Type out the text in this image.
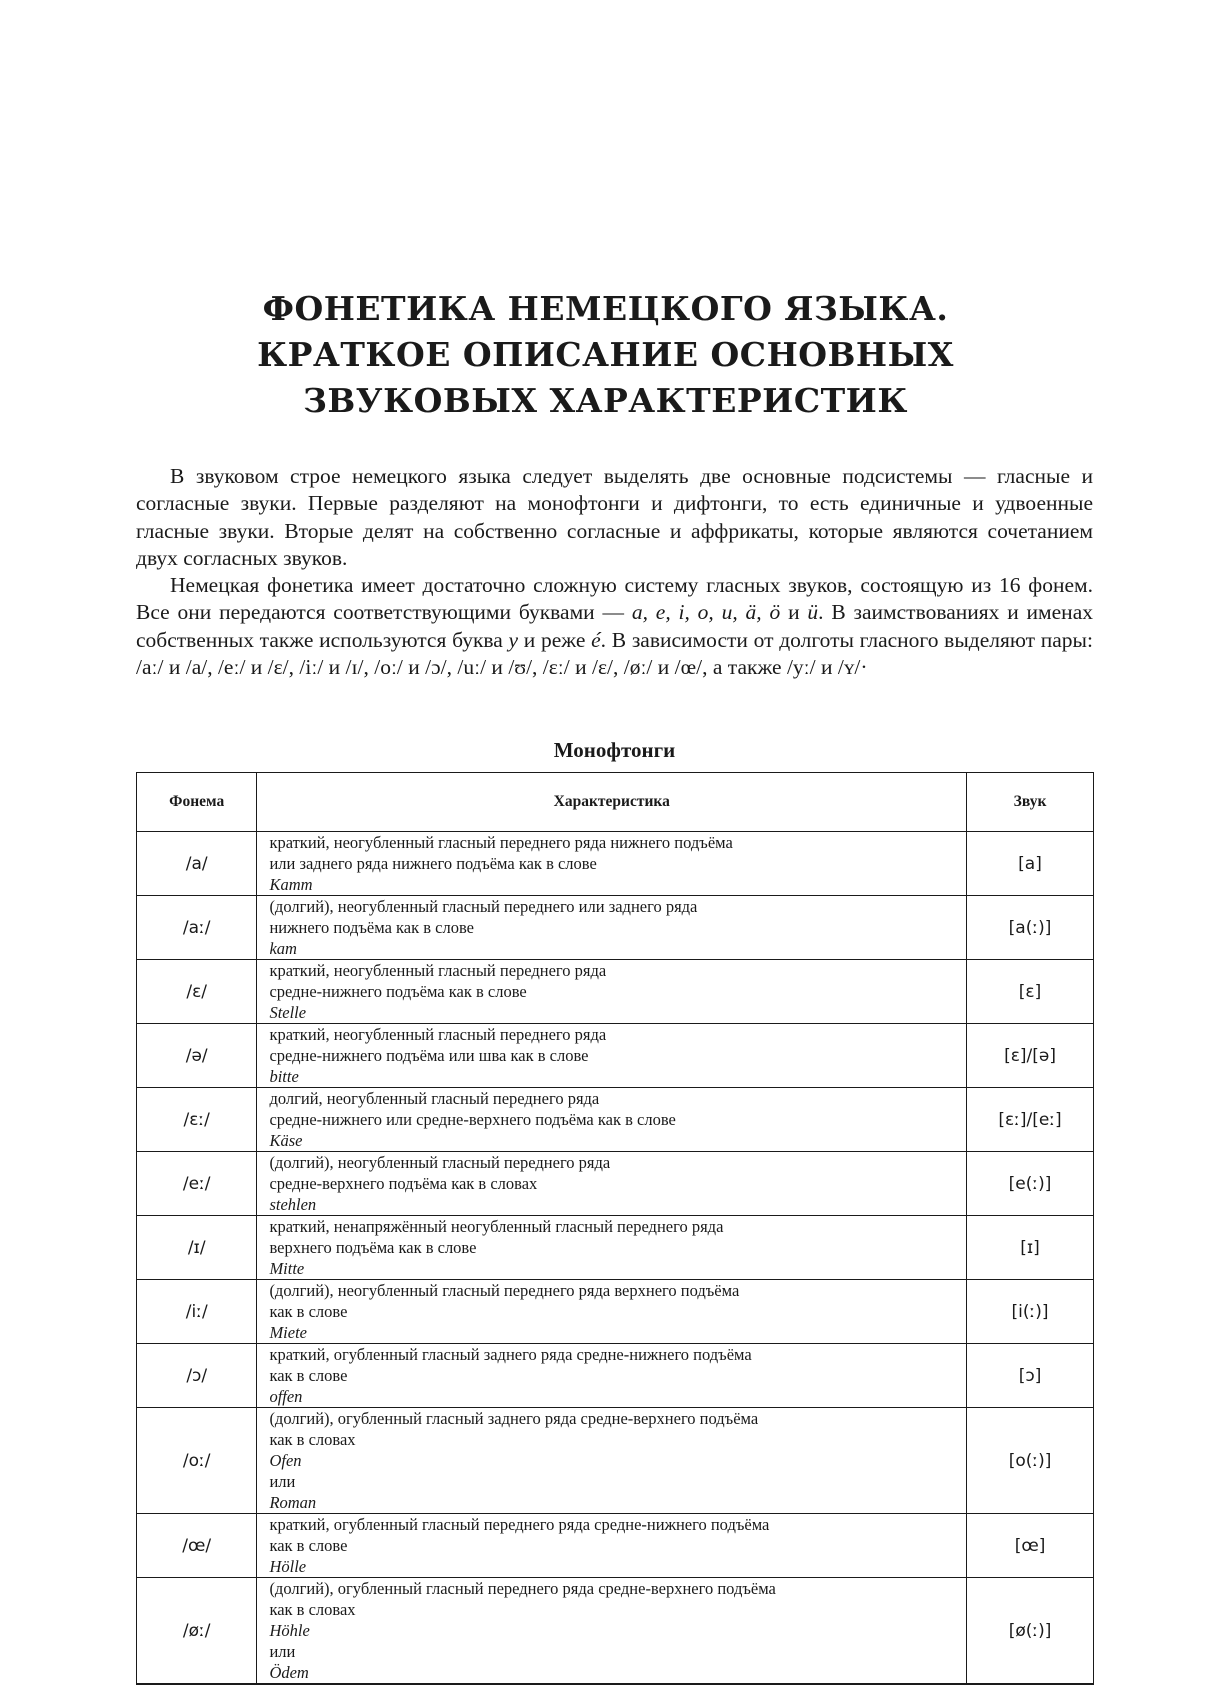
ФОНЕТИКА НЕМЕЦКОГО ЯЗЫКА.
КРАТКОЕ ОПИСАНИЕ ОСНОВНЫХ
ЗВУКОВЫХ ХАРАКТЕРИСТИК

В звуковом строе немецкого языка следует выделять две основные подсистемы — гласные и согласные звуки. Первые разделяют на монофтонги и дифтонги, то есть единичные и удвоенные гласные звуки. Вторые делят на собственно согласные и аффрикаты, которые являются сочетанием двух согласных звуков.

Немецкая фонетика имеет достаточно сложную систему гласных звуков, состоящую из 16 фонем. Все они передаются соответствующими буквами — a, e, i, o, u, ä, ö и ü. В заимствованиях и именах собственных также используются буква y и реже é. В зависимости от долготы гласного выделяют пары: /aː/ и /a/, /eː/ и /ɛ/, /iː/ и /ɪ/, /oː/ и /ɔ/, /uː/ и /ʊ/, /ɛː/ и /ɛ/, /øː/ и /œ/, а также /yː/ и /ʏ/·

Монофтонги
Фонема	Характеристика	Звук
/a/	краткий, неогубленный гласный переднего ряда нижнего подъёма
или заднего ряда нижнего подъёма как в слове
Kamm	[a]
/aː/	(долгий), неогубленный гласный переднего или заднего ряда
нижнего подъёма как в слове
kam	[a(ː)]
/ɛ/	краткий, неогубленный гласный переднего ряда
средне-нижнего подъёма как в слове
Stelle	[ɛ]
/ə/	краткий, неогубленный гласный переднего ряда
средне-нижнего подъёма или шва как в слове
bitte	[ɛ]/[ə]
/ɛː/	долгий, неогубленный гласный переднего ряда
средне-нижнего или средне-верхнего подъёма как в слове
Käse	[ɛː]/[eː]
/eː/	(долгий), неогубленный гласный переднего ряда
средне-верхнего подъёма как в словах
stehlen	[e(ː)]
/ɪ/	краткий, ненапряжённый неогубленный гласный переднего ряда
верхнего подъёма как в слове
Mitte	[ɪ]
/iː/	(долгий), неогубленный гласный переднего ряда верхнего подъёма
как в слове
Miete	[i(ː)]
/ɔ/	краткий, огубленный гласный заднего ряда средне-нижнего подъёма
как в слове
offen	[ɔ]
/oː/	(долгий), огубленный гласный заднего ряда средне-верхнего подъёма
как в словах
Ofen
или
Roman	[o(ː)]
/œ/	краткий, огубленный гласный переднего ряда средне-нижнего подъёма
как в слове
Hölle	[œ]
/øː/	(долгий), огубленный гласный переднего ряда средне-верхнего подъёма
как в словах
Höhle
или
Ödem	[ø(ː)]
